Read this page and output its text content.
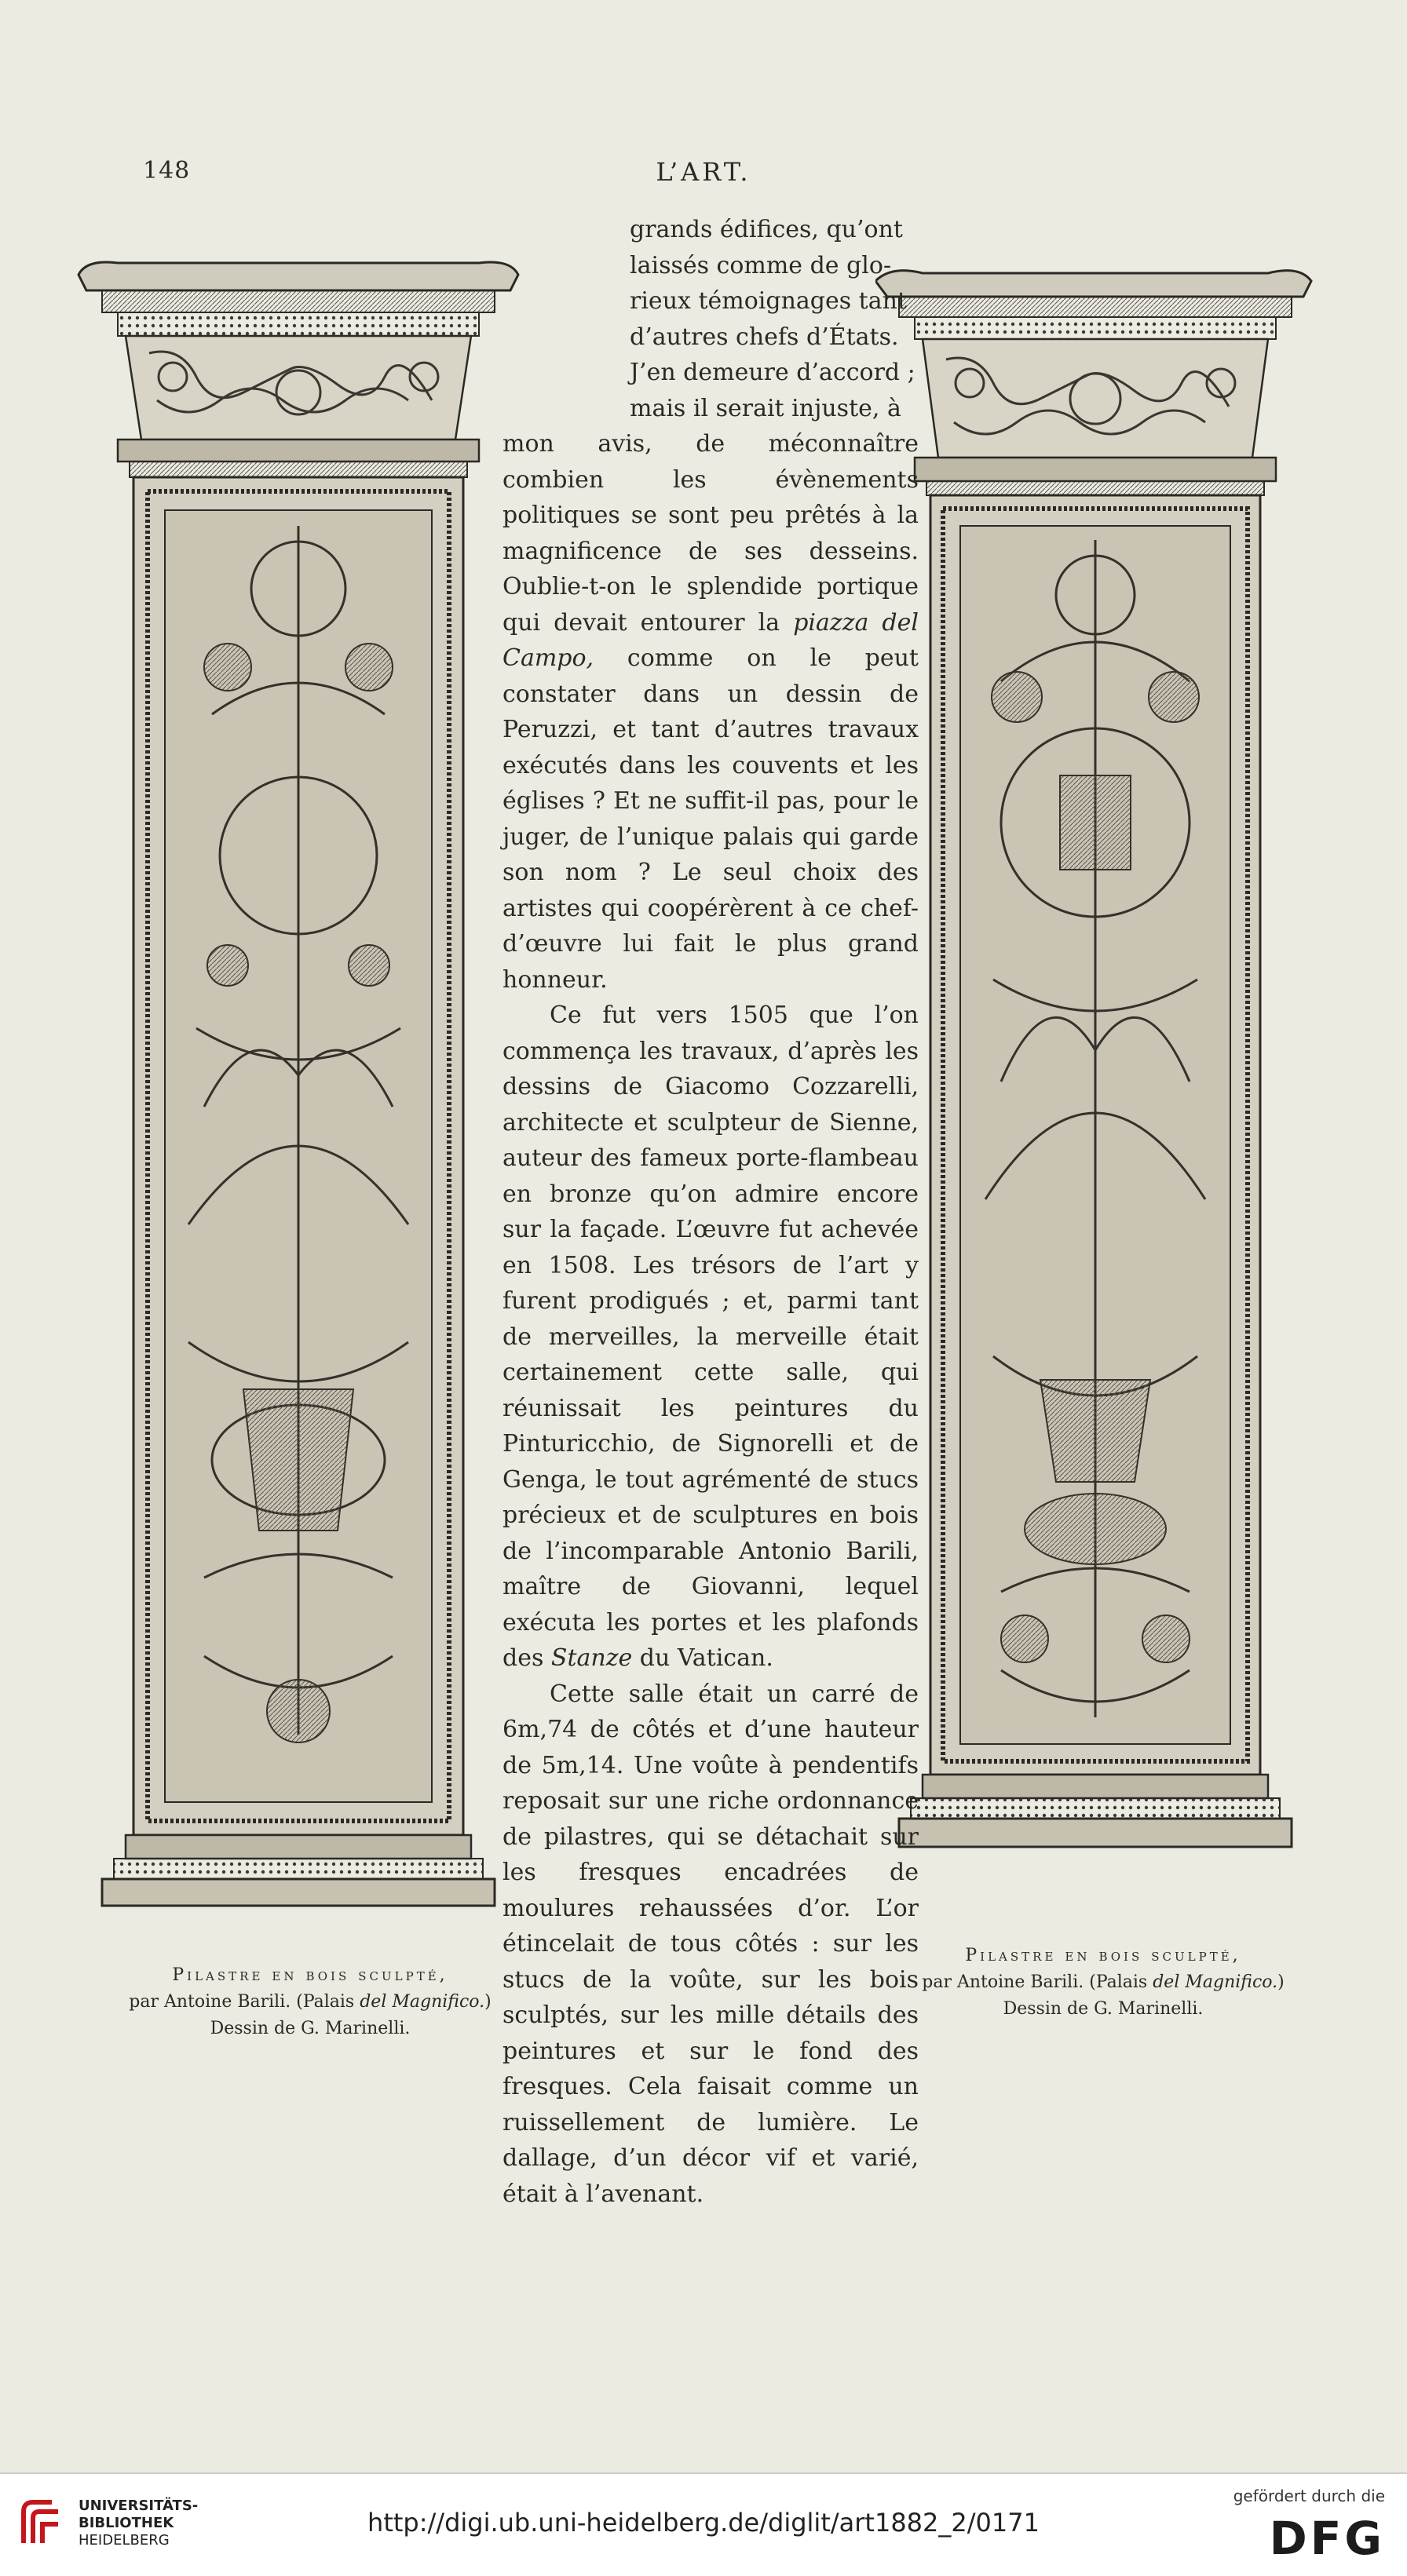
148	L’ART.
Pilastre en bois sculpté,
par Antoine Barili. (Palais del Magnifico.)
Dessin de G. Marinelli.
Pilastre en bois sculpté,
par Antoine Barili. (Palais del Magnifico.)
Dessin de G. Marinelli.
grands édifices, qu’ont
laissés comme de glo-
rieux témoignages tant
d’autres chefs d’États.
J’en demeure d’accord ;
mais il serait injuste, à

mon avis, de méconnaître combien les évènements politiques se sont peu prêtés à la magnificence de ses desseins. Oublie-t-on le splendide portique qui devait entourer la piazza del Campo, comme on le peut constater dans un dessin de Peruzzi, et tant d’autres travaux exécutés dans les couvents et les églises ? Et ne suffit-il pas, pour le juger, de l’unique palais qui garde son nom ? Le seul choix des artistes qui coopérèrent à ce chef-d’œuvre lui fait le plus grand honneur.

Ce fut vers 1505 que l’on commença les travaux, d’après les dessins de Giacomo Cozzarelli, architecte et sculpteur de Sienne, auteur des fameux porte-flambeau en bronze qu’on admire encore sur la façade. L’œuvre fut achevée en 1508. Les trésors de l’art y furent prodigués ; et, parmi tant de merveilles, la merveille était certainement cette salle, qui réunissait les peintures du Pinturicchio, de Signorelli et de Genga, le tout agrémenté de stucs précieux et de sculptures en bois de l’incomparable Antonio Barili, maître de Giovanni, lequel exécuta les portes et les plafonds des Stanze du Vatican.

Cette salle était un carré de 6m,74 de côtés et d’une hauteur de 5m,14. Une voûte à pendentifs reposait sur une riche ordonnance de pilastres, qui se détachait sur les fresques encadrées de moulures rehaussées d’or. L’or étincelait de tous côtés : sur les stucs de la voûte, sur les bois sculptés, sur les mille détails des peintures et sur le fond des fresques. Cela faisait comme un ruissellement de lumière. Le dallage, d’un décor vif et varié, était à l’avenant.

UNIVERSITÄTS-
BIBLIOTHEK
HEIDELBERG
http://digi.ub.uni-heidelberg.de/diglit/art1882_2/0171
gefördert durch die
DFG
